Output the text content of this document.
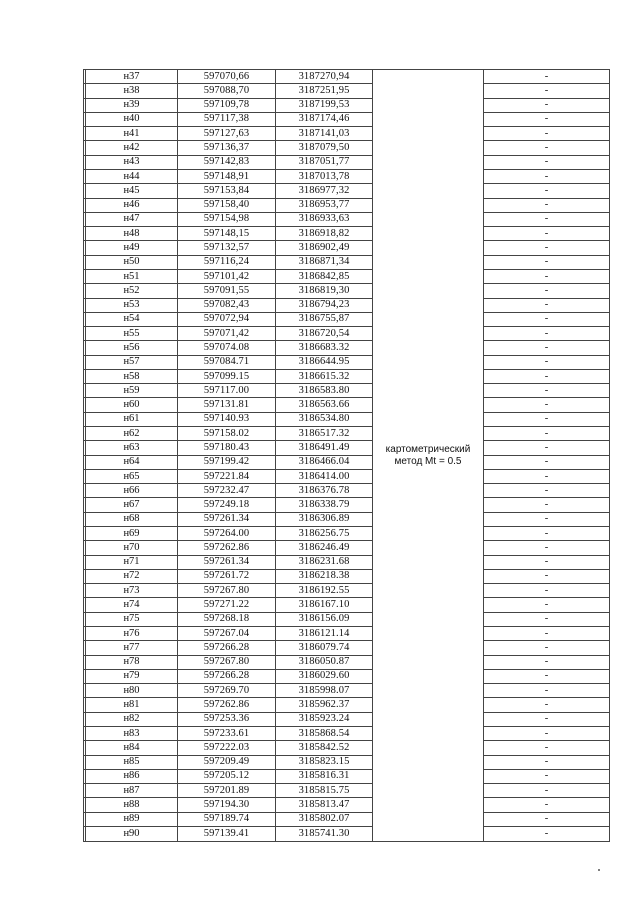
	н37	597070,66	3187270,94	картометрический метод Mt = 0.5	-
	н38	597088,70	3187251,95		-
	н39	597109,78	3187199,53		-
	н40	597117,38	3187174,46		-
	н41	597127,63	3187141,03		-
	н42	597136,37	3187079,50		-
	н43	597142,83	3187051,77		-
	н44	597148,91	3187013,78		-
	н45	597153,84	3186977,32		-
	н46	597158,40	3186953,77		-
	н47	597154,98	3186933,63		-
	н48	597148,15	3186918,82		-
	н49	597132,57	3186902,49		-
	н50	597116,24	3186871,34		-
	н51	597101,42	3186842,85		-
	н52	597091,55	3186819,30		-
	н53	597082,43	3186794,23		-
	н54	597072,94	3186755,87		-
	н55	597071,42	3186720,54		-
	н56	597074.08	3186683.32		-
	н57	597084.71	3186644.95		-
	н58	597099.15	3186615.32		-
	н59	597117.00	3186583.80		-
	н60	597131.81	3186563.66		-
	н61	597140.93	3186534.80		-
	н62	597158.02	3186517.32		-
	н63	597180.43	3186491.49		-
	н64	597199.42	3186466.04		-
	н65	597221.84	3186414.00		-
	н66	597232.47	3186376.78		-
	н67	597249.18	3186338.79		-
	н68	597261.34	3186306.89		-
	н69	597264.00	3186256.75		-
	н70	597262.86	3186246.49		-
	н71	597261.34	3186231.68		-
	н72	597261.72	3186218.38		-
	н73	597267.80	3186192.55		-
	н74	597271.22	3186167.10		-
	н75	597268.18	3186156.09		-
	н76	597267.04	3186121.14		-
	н77	597266.28	3186079.74		-
	н78	597267.80	3186050.87		-
	н79	597266.28	3186029.60		-
	н80	597269.70	3185998.07		-
	н81	597262.86	3185962.37		-
	н82	597253.36	3185923.24		-
	н83	597233.61	3185868.54		-
	н84	597222.03	3185842.52		-
	н85	597209.49	3185823.15		-
	н86	597205.12	3185816.31		-
	н87	597201.89	3185815.75		-
	н88	597194.30	3185813.47		-
	н89	597189.74	3185802.07		-
	н90	597139.41	3185741.30		-
